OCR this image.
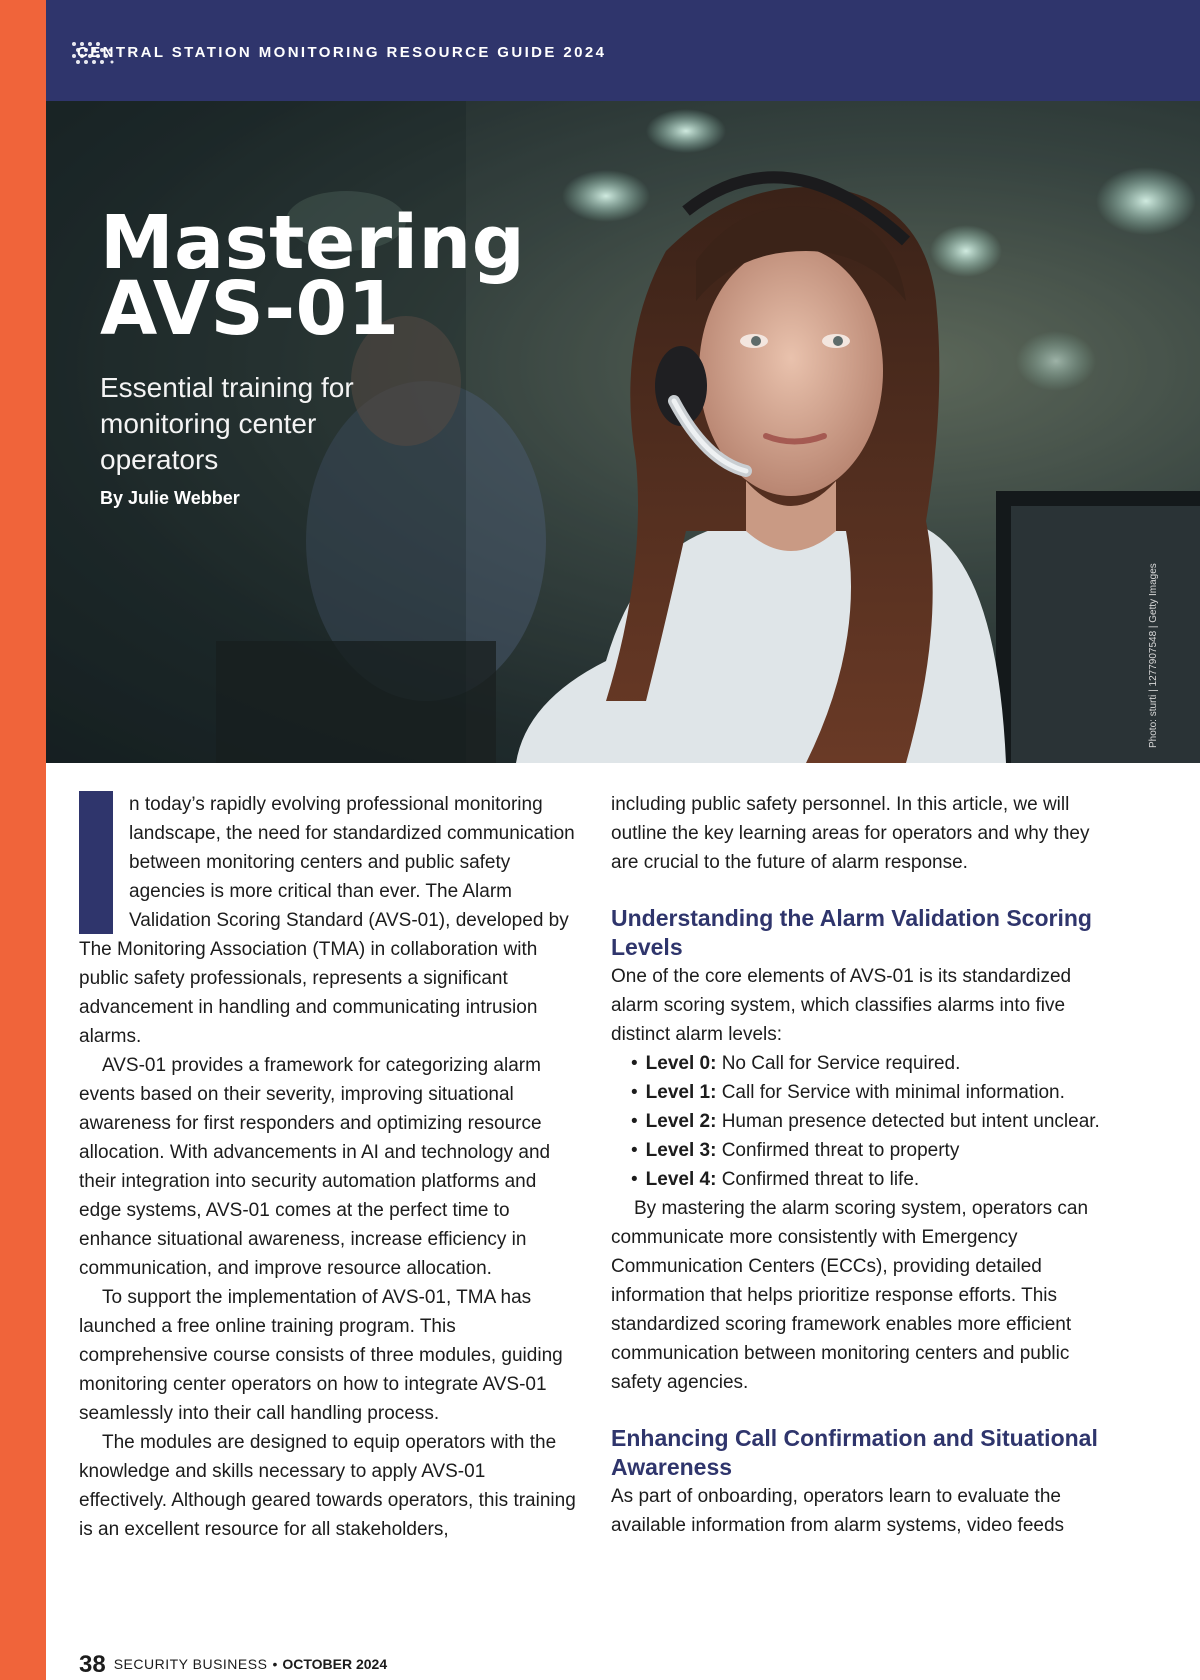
CENTRAL STATION MONITORING RESOURCE GUIDE 2024
Mastering
AVS-01
Essential training for monitoring center operators
By Julie Webber
Photo: sturti | 1277907548 | Getty Images

n today’s rapidly evolving professional monitoring landscape, the need for standardized communication between monitoring centers and public safety agencies is more critical than ever. The Alarm Validation Scoring Standard (AVS-01), developed by The Monitoring Association (TMA) in collaboration with public safety professionals, represents a significant advancement in handling and communicating intrusion alarms.

AVS-01 provides a framework for categorizing alarm events based on their severity, improving situational awareness for first responders and optimizing resource allocation. With advancements in AI and technology and their integration into security automation platforms and edge systems, AVS-01 comes at the perfect time to enhance situational awareness, increase efficiency in communication, and improve resource allocation.

To support the implementation of AVS-01, TMA has launched a free online training program. This comprehensive course consists of three modules, guiding monitoring center operators on how to integrate AVS-01 seamlessly into their call handling process.

The modules are designed to equip operators with the knowledge and skills necessary to apply AVS-01 effectively. Although geared towards operators, this training is an excellent resource for all stakeholders,

including public safety personnel. In this article, we will outline the key learning areas for operators and why they are crucial to the future of alarm response.

Understanding the Alarm Validation Scoring Levels

One of the core elements of AVS-01 is its standardized alarm scoring system, which classifies alarms into five distinct alarm levels:

• Level 0: No Call for Service required.
• Level 1: Call for Service with minimal information.
• Level 2: Human presence detected but intent unclear.
• Level 3: Confirmed threat to property
• Level 4: Confirmed threat to life.

By mastering the alarm scoring system, operators can communicate more consistently with Emergency Communication Centers (ECCs), providing detailed information that helps prioritize response efforts. This standardized scoring framework enables more efficient communication between monitoring centers and public safety agencies.

Enhancing Call Confirmation and Situational Awareness

As part of onboarding, operators learn to evaluate the available information from alarm systems, video feeds

38 SECURITY BUSINESS • OCTOBER 2024
